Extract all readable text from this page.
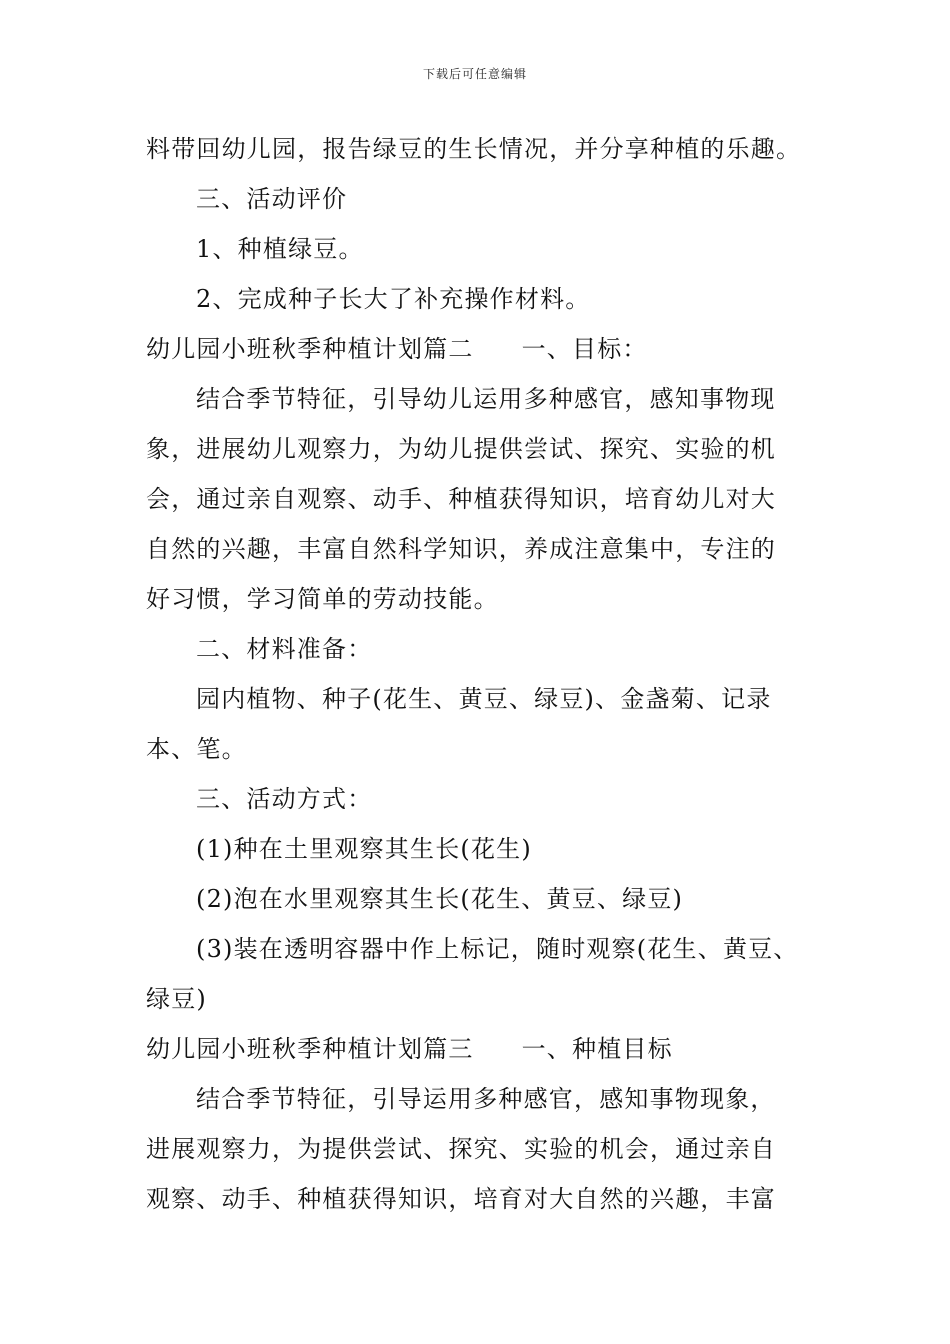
下载后可任意编辑
料带回幼儿园，报告绿豆的生长情况，并分享种植的乐趣。
三、活动评价
1、种植绿豆。
2、完成种子长大了补充操作材料。
幼儿园小班秋季种植计划篇二 一、目标：
结合季节特征，引导幼儿运用多种感官，感知事物现
象，进展幼儿观察力，为幼儿提供尝试、探究、实验的机
会，通过亲自观察、动手、种植获得知识，培育幼儿对大
自然的兴趣，丰富自然科学知识，养成注意集中，专注的
好习惯，学习简单的劳动技能。
二、材料准备：
园内植物、种子(花生、黄豆、绿豆)、金盏菊、记录
本、笔。
三、活动方式：
(1)种在土里观察其生长(花生)
(2)泡在水里观察其生长(花生、黄豆、绿豆)
(3)装在透明容器中作上标记，随时观察(花生、黄豆、
绿豆)
幼儿园小班秋季种植计划篇三 一、种植目标
结合季节特征，引导运用多种感官，感知事物现象，
进展观察力，为提供尝试、探究、实验的机会，通过亲自
观察、动手、种植获得知识，培育对大自然的兴趣，丰富
